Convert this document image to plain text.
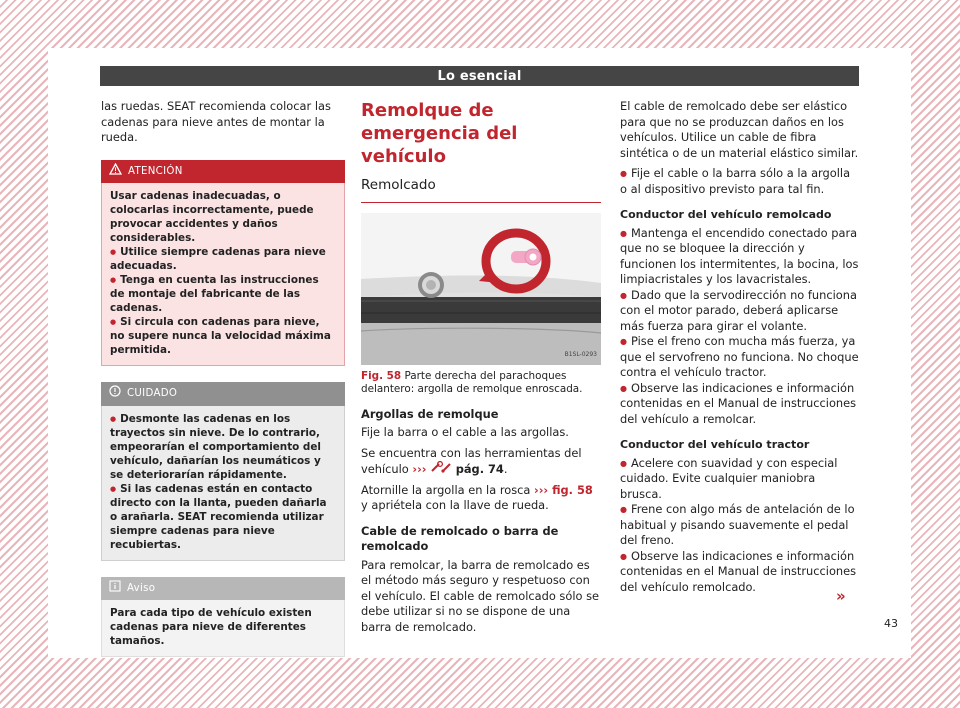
Lo esencial

las ruedas. SEAT recomienda colocar las cadenas para nieve antes de montar la rueda.

ATENCIÓN

Usar cadenas inadecuadas, o colocarlas incorrectamente, puede provocar accidentes y daños considerables.

● Utilice siempre cadenas para nieve adecuadas.

● Tenga en cuenta las instrucciones de montaje del fabricante de las cadenas.

● Si circula con cadenas para nieve, no supere nunca la velocidad máxima permitida.

CUIDADO

● Desmonte las cadenas en los trayectos sin nieve. De lo contrario, empeorarían el comportamiento del vehículo, dañarían los neumáticos y se deteriorarían rápidamente.

● Si las cadenas están en contacto directo con la llanta, pueden dañarla o arañarla. SEAT recomienda utilizar siempre cadenas para nieve recubiertas.

Aviso

Para cada tipo de vehículo existen cadenas para nieve de diferentes tamaños.

Remolque de emergencia del vehículo
Remolcado
B1SL-0293

Fig. 58 Parte derecha del parachoques delantero: argolla de remolque enroscada.

Argollas de remolque

Fije la barra o el cable a las argollas.

Se encuentra con las herramientas del vehículo ›››	pág. 74.

Atornille la argolla en la rosca ››› fig. 58 y apriétela con la llave de rueda.

Cable de remolcado o barra de remolcado

Para remolcar, la barra de remolcado es el método más seguro y respetuoso con el vehículo. El cable de remolcado sólo se debe utilizar si no se dispone de una barra de remolcado.

El cable de remolcado debe ser elástico para que no se produzcan daños en los vehículos. Utilice un cable de fibra sintética o de un material elástico similar.

● Fije el cable o la barra sólo a la argolla o al dispositivo previsto para tal fin.

Conductor del vehículo remolcado

● Mantenga el encendido conectado para que no se bloquee la dirección y funcionen los intermitentes, la bocina, los limpiacristales y los lavacristales.

● Dado que la servodirección no funciona con el motor parado, deberá aplicarse más fuerza para girar el volante.

● Pise el freno con mucha más fuerza, ya que el servofreno no funciona. No choque contra el vehículo tractor.

● Observe las indicaciones e información contenidas en el Manual de instrucciones del vehículo a remolcar.

Conductor del vehículo tractor

● Acelere con suavidad y con especial cuidado. Evite cualquier maniobra brusca.

● Frene con algo más de antelación de lo habitual y pisando suavemente el pedal del freno.

● Observe las indicaciones e información contenidas en el Manual de instrucciones del vehículo remolcado.

»
43
